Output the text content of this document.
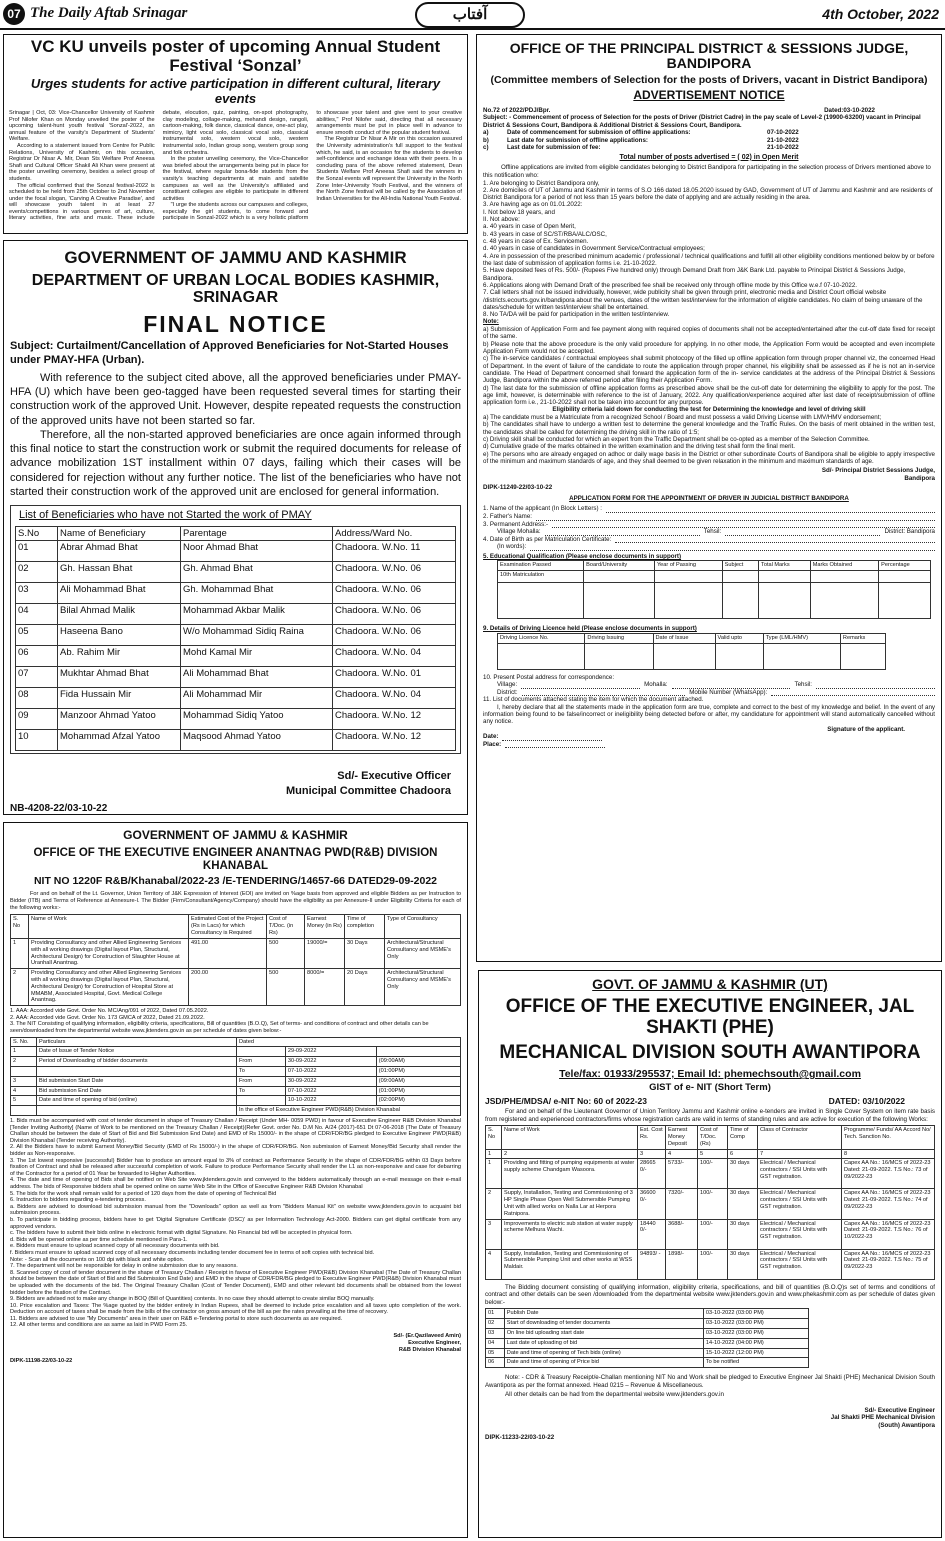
07 The Daily Aftab Srinagar	آفتاب	4th October, 2022
VC KU unveils poster of upcoming Annual Student Festival ‘Sonzal’
Urges students for active participation in different cultural, literary events

Srinagar | Oct, 03: Vice-Chancellor University of Kashmir Prof Nilofer Khan on Monday unveiled the poster of the upcoming talent-hunt youth festival 'Sonzal'-2022, an annual feature of the varsity's Department of Students' Welfare.

According to a statement issued from Centre for Public Relations, University of Kashmir, on this occasion, Registrar Dr Nisar A. Mir, Dean Sts Welfare Prof Aneesa Shafi and Cultural Officer Shakil Ali Khan were present at the poster unveiling ceremony, besides a select group of students.

The official confirmed that the Sonzal festival-2022 is scheduled to be held from 25th October to 2nd November under the focal slogan, 'Carving A Creative Paradise', and will showcase youth talent in at least 27 events/competitions in various genres of art, culture, literary activities, fine arts and music. These include debate, elocution, quiz, painting, on-spot photography, clay modeling, collage-making, mehandi design, rangoli, cartoon-making, folk dance, classical dance, one-act play, mimicry, light vocal solo, classical vocal solo, classical instrumental solo, western vocal solo, western instrumental solo, Indian group song, western group song and folk orchestra.

In the poster unveiling ceremony, the Vice-Chancellor was briefed about the arrangements being put in place for the festival, where regular bona-fide students from the varsity's teaching departments at main and satellite campuses as well as the University's affiliated and constituent colleges are eligible to participate in different activities

"I urge the students across our campuses and colleges, especially the girl students, to come forward and participate in Sonzal-2022 which is a very holistic platform to showcase your talent and give vent to your creative abilities," Prof Nilofer said, directing that all necessary arrangements must be put in place well in advance to ensure smooth conduct of the popular student festival.

The Registrar Dr Nisar A Mir on this occasion assured the University administration's full support to the festival which, he said, is an occasion for the students to develop self-confidence and exchange ideas with their peers. In a concluding para of the above referred statement, Dean Students Welfare Prof Aneesa Shafi said the winners in the Sonzal events will represent the University in the North Zone Inter-University Youth Festival, and the winners of the North Zone festival will be called by the Association of Indian Universities for the All-India National Youth Festival.

GOVERNMENT OF JAMMU AND KASHMIR
DEPARTMENT OF URBAN LOCAL BODIES KASHMIR, SRINAGAR
FINAL NOTICE

Subject: Curtailment/Cancellation of Approved Beneficiaries for Not-Started Houses under PMAY-HFA (Urban).

With reference to the subject cited above, all the approved beneficiaries under PMAY-HFA (U) which have been geo-tagged have been requested several times for starting their construction work of the approved Unit. However, despite repeated requests the construction of the approved units have not been started so far.

Therefore, all the non-started approved beneficiaries are once again informed through this final notice to start the construction work or submit the required documents for release of advance mobilization 1ST installment within 07 days, failing which their cases will be considered for rejection without any further notice. The list of the beneficiaries who have not started their construction work of the approved unit are enclosed for general information.

List of Beneficiaries who have not Started the work of PMAY
S.No	Name of Beneficiary	Parentage	Address/Ward No.
01	Abrar Ahmad Bhat	Noor Ahmad Bhat	Chadoora. W.No. 11
02	Gh. Hassan Bhat	Gh. Ahmad Bhat	Chadoora. W.No. 06
03	Ali Mohammad Bhat	Gh. Mohammad Bhat	Chadoora. W.No. 06
04	Bilal Ahmad Malik	Mohammad Akbar Malik	Chadoora. W.No. 06
05	Haseena Bano	W/o Mohammad Sidiq Raina	Chadoora. W.No. 06
06	Ab. Rahim Mir	Mohd Kamal Mir	Chadoora. W.No. 04
07	Mukhtar Ahmad Bhat	Ali Mohammad Bhat	Chadoora. W.No. 01
08	Fida Hussain Mir	Ali Mohammad Mir	Chadoora. W.No. 04
09	Manzoor Ahmad Yatoo	Mohammad Sidiq Yatoo	Chadoora. W.No. 12
10	Mohammad Afzal Yatoo	Maqsood Ahmad Yatoo	Chadoora. W.No. 12
Sd/- Executive Officer
Municipal Committee Chadoora
NB-4208-22/03-10-22
GOVERNMENT OF JAMMU & KASHMIR
OFFICE OF THE EXECUTIVE ENGINEER ANANTNAG PWD(R&B) DIVISION KHANABAL
NIT NO 1220F R&B/Khanabal/2022-23 /E-TENDERING/14657-66 DATED29-09-2022

For and on behalf of the Lt. Governor, Union Territory of J&K Expression of Interest (EOI) are invited on %age basis from approved and eligible Bidders as per Instruction to Bidder (ITB) and Terms of Reference at Annexure-I. The Bidder (Firm/Consultant/Agency/Company) should have the eligibility as per Annexure-II under Eligibility Criteria for each of the following works:-

S. No	Name of Work	Estimated Cost of the Project (Rs in Lacs) for which Consultancy is Required	Cost of T/Doc. (in Rs)	Earnest Money (in Rs)	Time of completion	Type of Consultancy
1	Providing Consultancy and other Allied Engineering Services with all working drawings (Digital layout Plan, Structural, Architectural Design) for Construction of Slaughter House at Uranhall Anantnag.	491.00	500	19000/=	30 Days	Architectural/Structural Consultancy and MSME's Only
2	Providing Consultancy and other Allied Engineering Services with all working drawings (Digital layout Plan, Structural, Architectural Design) for Construction of Hospital Store at MMABM, Associated Hospital, Govt. Medical College Anantnag.	200.00	500	8000/=	20 Days	Architectural/Structural Consultancy and MSME's Only

1. AAA: Accorded vide Govt. Order No. MC/Ang/091 of 2022, Dated 07.05.2022.

2. AAA: Accorded vide Govt. Order No. 173 GMCA of 2022, Dated 21.09.2022.

3. The NIT Consisting of qualifying information, eligibility criteria, specifications, Bill of quantities (B.O.Q), Set of terms- and conditions of contract and other details can be seen/downloaded from the departmental website www.jktenders.gov.in as per schedule of dates given below:-

S. No.	Particulars	Dated		
1	Date of Issue of Tender Notice		29-09-2022	
2	Period of Downloading of bidder documents	From	30-09-2022	(09:00AM)
		To	07-10-2022	(01:00PM)
3	Bid submission Start Date	From	30-09-2022	(09:00AM)
4	Bid submission End Date	To	07-10-2022	(01:00PM)
5	Date and time of opening of bid (online)		10-10-2022	(02:00PM)
		In the office of Executive Engineer PWD(R&B) Division Khanabal		

1. Bids must be accompanied with cost of tender document in shape of Treasury Challan / Receipt (Under MH- 0059 PWD) in favour of Executive Engineer R&B Division Khanabal [Tender Inviting Authority] (Name of Work to be mentioned on the Treasury Challan / Receipt)(Refer Govt. order No. D.M No. A/24 (2017)-651 Dt 07-06-2018 (The Date of Treasury Challan should be between the date of Start of Bid and Bid Submission End Date) and EMD of Rs 15000/- in the shape of CDR/FDR/BG pledged to Executive Engineer PWD(R&B) Division Khanabal (Tender receiving Authority).

2. All the Bidders have to submit Earnest Money/Bid Security (EMD of Rs 15000/-) in the shape of CDR/FDR/BG. Non submission of Earnest Money/Bid Security shall render the bidder as Non-responsive.

3. The 1st lowest responsive (successful) Bidder has to produce an amount equal to 3% of contract as Performance Security in the shape of CDR/FDR/BG within 03 Days before fixation of Contract and shall be released after successful completion of work. Failure to produce Performance Security shall render the L1 as non-responsive and case for debarring of the Contractor for a period of 01 Year be forwarded to Higher Authorities.

4. The date and time of opening of Bids shall be notified on Web Site www.jktenders.gov.in and conveyed to the bidders automatically through an e-mail message on their e-mail address. The bids of Responsive bidders shall be opened online on same Web Site in the Office of Executive Engineer R&B Division Khanabal

5. The bids for the work shall remain valid for a period of 120 days from the date of opening of Technical Bid

6. Instruction to bidders regarding e-tendering process.

a. Bidders are advised to download bid submission manual from the "Downloads" option as well as from "Bidders Manual Kit" on website www.jktenders.gov.in to acquaint bid submission process.

b. To participate in bidding process, bidders have to get 'Digital Signature Certificate (DSC)' as per Information Technology Act-2000. Bidders can get digital certificate from any approved vendors.

c. The bidders have to submit their bids online in electronic format with digital Signature. No Financial bid will be accepted in physical form.

d. Bids will be opened online as per time schedule mentioned in Para-1.

e. Bidders must ensure to upload scanned copy of all necessary documents with bid.

f. Bidders must ensure to upload scanned copy of all necessary documents including tender document fee in terms of soft copies with technical bid.

Note: - Scan all the documents on 100 dpi with black and white option.

7. The department will not be responsible for delay in online submission due to any reasons.

8. Scanned copy of cost of tender document in the shape of Treasury Challan / Receipt in favour of Executive Engineer PWD(R&B) Division Khanabal (The Date of Treasury Challan should be between the date of Start of Bid and Bid Submission End Date) and EMD in the shape of CDR/FDR/BG pledged to Executive Engineer PWD(R&B) Division Khanabal must be uploaded with the documents of the bid. The Original Treasury Challan (Cost of Tender Document), EMD and other relevant bid documents shall be obtained from the lowest bidder before the fixation of the Contract.

9. Bidders are advised not to make any change in BOQ (Bill of Quantities) contents. In no case they should attempt to create similar BOQ manually.

10. Price escalation and Taxes: The %age quoted by the bidder entirely in Indian Rupees, shall be deemed to include price escalation and all taxes upto completion of the work. Deduction on account of taxes shall be made from the bills of the contractor on gross amount of the bill as per the rates prevailing at the time of recovery.

11. Bidders are advised to use "My Documents" area in their user on R&B e-Tendering portal to store such documents as are required.

12. All other terms and conditions are as same as laid in PWD Form 25.

Sd/- (Er.Qazilaveed Amin)
Executive Engineer,
R&B Division Khanabal
DIPK-11198-22/03-10-22
OFFICE OF THE PRINCIPAL DISTRICT & SESSIONS JUDGE, BANDIPORA
(Committee members of Selection for the posts of Drivers, vacant in District Bandipora)
ADVERTISEMENT NOTICE
No.72 of 2022/PDJ/Bpr.	Dated:03-10-2022

Subject: - Commencement of process of Selection for the posts of Driver (District Cadre) in the pay scale of Level-2 (19900-63200) vacant in Principal District & Sessions Court, Bandipora & Additional District & Sessions Court, Bandipora.

a)	Date of commencement for submission of offline applications:	07-10-2022
b)	Last date for submission of offline applications:	21-10-2022
c)	Last date for submission of fee:	21-10-2022
Total number of posts advertised = ( 02) in Open Merit

Offline applications are invited from eligible candidates belonging to District Bandipora for participating in the selection process of Drivers mentioned above to this notification who:

1. Are belonging to District Bandipora only,

2. Are domiciles of UT of Jammu and Kashmir in terms of S.O 166 dated 18.05.2020 issued by GAD, Government of UT of Jammu and Kashmir and are residents of District Bandipora for a period of not less than 15 years before the date of applying and are actually residing in the area.

3. Are having age as on 01.01.2022:

I. Not below 18 years, and

II. Not above:

a. 40 years in case of Open Merit,

b. 43 years in case of SC/ST/RBA/ALC/OSC,

c. 48 years in case of Ex. Servicemen.

d. 40 years in case of candidates in Government Service/Contractual employees;

4. Are in possession of the prescribed minimum academic / professional / technical qualifications and fulfill all other eligibility conditions mentioned below by or before the last date of submission of application forms i.e. 21-10-2022.

5. Have deposited fees of Rs. 500/- (Rupees Five hundred only) through Demand Draft from J&K Bank Ltd. payable to Principal District & Sessions Judge, Bandipora.

6. Applications along with Demand Draft of the prescribed fee shall be received only through offline mode by this Office w.e.f 07-10-2022.

7. Call letters shall not be issued individually, however, wide publicity shall be given through print, electronic media and District Court official website /districts.ecourts.gov.in/bandipora about the venues, dates of the written test/interview for the information of eligible candidates. No claim of being unaware of the dates/schedule for written test/interview shall be entertained.

8. No TA/DA will be paid for participation in the written test/interview.

Note:

a) Submission of Application Form and fee payment along with required copies of documents shall not be accepted/entertained after the cut-off date fixed for receipt of the same.

b) Please note that the above procedure is the only valid procedure for applying. In no other mode, the Application Form would be accepted and even incomplete Application Form would not be accepted.

c) The in-service candidates / contractual employees shall submit photocopy of the filled up offline application form through proper channel viz, the concerned Head of Department. In the event of failure of the candidate to route the application through proper channel, his eligibility shall be assessed as if he is not an in-service candidate. The Head of Department concerned shall forward the application form of the in- service candidates at the address of the Principal District & Sessions Judge, Bandipora within the above referred period after filing their Application Form.

d) The last date for the submission of offline application forms as prescribed above shall be the cut-off date for determining the eligibility to apply for the post. The age limit, however, is determinable with reference to the ist of January, 2022. Any qualification/experience acquired after last date of receipt/submission of offline application form i.e., 21-10-2022 shall not be taken into account for any purpose.

Eligibility criteria laid down for conducting the test for Determining the knowledge and level of driving skill

a) The candidate must be a Matriculate from a recognized School / Board and must possess a valid Driving License with LMV/HMV endorsement;

b) The candidates shall have to undergo a written test to determine the general knowledge and the Traffic Rules. On the basis of merit obtained in the written test, the candidates shall be called for determining the driving skill in the ratio of 1:5;

c) Driving skill shall be conducted for which an expert from the Traffic Department shall be co-opted as a member of the Selection Committee.

d) Cumulative grade of the marks obtained in the written examination and the driving test shall form the final merit.

e) The persons who are already engaged on adhoc or daily wage basis in the District or other subordinate Courts of Bandipora shall be eligible to apply irrespective of the minimum and maximum standards of age, and they shall deemed to be given relaxation in the minimum and maximum standards of age.

Sd/- Principal District Sessions Judge,
Bandipora
DIPK-11249-22/03-10-22
APPLICATION FORM FOR THE APPOINTMENT OF DRIVER IN JUDICIAL DISTRICT BANDIPORA
1. Name of the applicant (In Block Letters) :
2. Father's Name:
3. Permanent Address:-
Village Mohalla:	Tehsil:	District: Bandipora
4. Date of Birth as per Matriculation Certificate:
(In words):
5. Educational Qualification (Please enclose documents in support)
Examination Passed	Board/University	Year of Passing	Subject	Total Marks	Marks Obtained	Percentage
10th Matriculation						

9. Details of Driving Licence held (Please enclose documents in support)
Driving Licence No.	Driving Issuing	Date of Issue	Valid upto	Type (LML/HMV)	Remarks

10. Present Postal address for correspondence:
Village:	Mohalla:	Tehsil:
District:	Mobile Number (WhatsApp):
11. List of documents attached stating the item for which the document attached.

I, hereby declare that all the statements made in the application form are true, complete and correct to the best of my knowledge and belief. In the event of any information being found to be false/incorrect or ineligibility being detected before or after, my candidature for appointment will stand automatically cancelled without any notice.

Signature of the applicant.
Date:
Place:
GOVT. OF JAMMU & KASHMIR (UT)
OFFICE OF THE EXECUTIVE ENGINEER, JAL SHAKTI (PHE)
MECHANICAL DIVISION SOUTH AWANTIPORA
Tele/fax: 01933/295537; Email Id: phemechsouth@gmail.com
GIST of e- NIT (Short Term)
JSD/PHE/MDSA/ e-NIT No: 60 of 2022-23	DATED: 03/10/2022

For and on behalf of the Lieutenant Governor of Union Territory Jammu and Kashmir online e-tenders are invited in Single Cover System on item rate basis from registered and experienced contractors/firms whose registration cards are valid in terms of standing rules and are active for execution of the following Works:

S. No	Name of Work	Est. Cost Rs.	Earnest Money Deposit	Cost of T/Doc. (Rs)	Time of Comp	Class of Contractor	Programme/ Funds/ AA Accord No/ Tech. Sanction No.
1	2	3	4	5	6	7	8
1	Providing and fitting of pumping equipments at water supply scheme Chandgam Wasoora.	28665 0/-	5733/-	100/-	30 days	Electrical / Mechanical contractors / SSI Units with GST registration.	Capex AA No.: 16/MCS of 2022-23 Dated: 21-09-2022. T.S No.: 73 of 09/2022-23
2	Supply, Installation, Testing and Commissioning of 3 HP Single Phase Open Well Submersible Pumping Unit with allied works on Nalla Lar at Herpora Ratnipora.	36600 0/-	7320/-	100/-	30 days	Electrical / Mechanical contractors / SSI Units with GST registration.	Capex AA No.: 16/MCS of 2022-23 Dated: 21-09-2022. T.S No.: 74 of 09/2022-23
3	Improvements to electric sub station at water supply scheme Melhura Wachi.	18440 0/-	3688/-	100/-	30 days	Electrical / Mechanical contractors / SSI Units with GST registration.	Capex AA No.: 16/MCS of 2022-23 Dated: 21-09-2022. T.S No.: 76 of 10/2022-23
4	Supply, Installation, Testing and Commissioning of Submersible Pumping Unit and other works at WSS Maldair.	94893/ -	1898/-	100/-	30 days	Electrical / Mechanical contractors / SSI Units with GST registration.	Capex AA No.: 16/MCS of 2022-23 Dated: 21-09-2022. T.S No.: 75 of 09/2022-23

The Bidding document consisting of qualifying information, eligibility criteria, specifications, and bill of quantities (B.O.Q)s set of terms and conditions of contract and other details can be seen /downloaded from the departmental website www.jktenders.gov.in and www.phekashmir.com as per schedule of dates given below:-

01	Publish Date	03-10-2022 (03:00 PM)
02	Start of downloading of tender documents	03-10-2022 (03:00 PM)
03	On line bid uploading start date	03-10-2022 (03:00 PM)
04	Last date of uploading of bid	14-10-2022 (04:00 PM)
05	Date and time of opening of Tech bids (online)	15-10-2022 (12:00 PM)
06	Date and time of opening of Price bid	To be notified

Note: - CDR & Treasury Receipt/e-Challan mentioning NIT No and Work shall be pledged to Executive Engineer Jal Shakti (PHE) Mechanical Division South Awantipora as per the format annexed. Head 0215 – Revenue & Miscellaneous.

All other details can be had from the departmental website www.jktenders.gov.in

Sd/- Executive Engineer
Jal Shakti PHE Mechanical Division
(South) Awantipora
DIPK-11233-22/03-10-22
